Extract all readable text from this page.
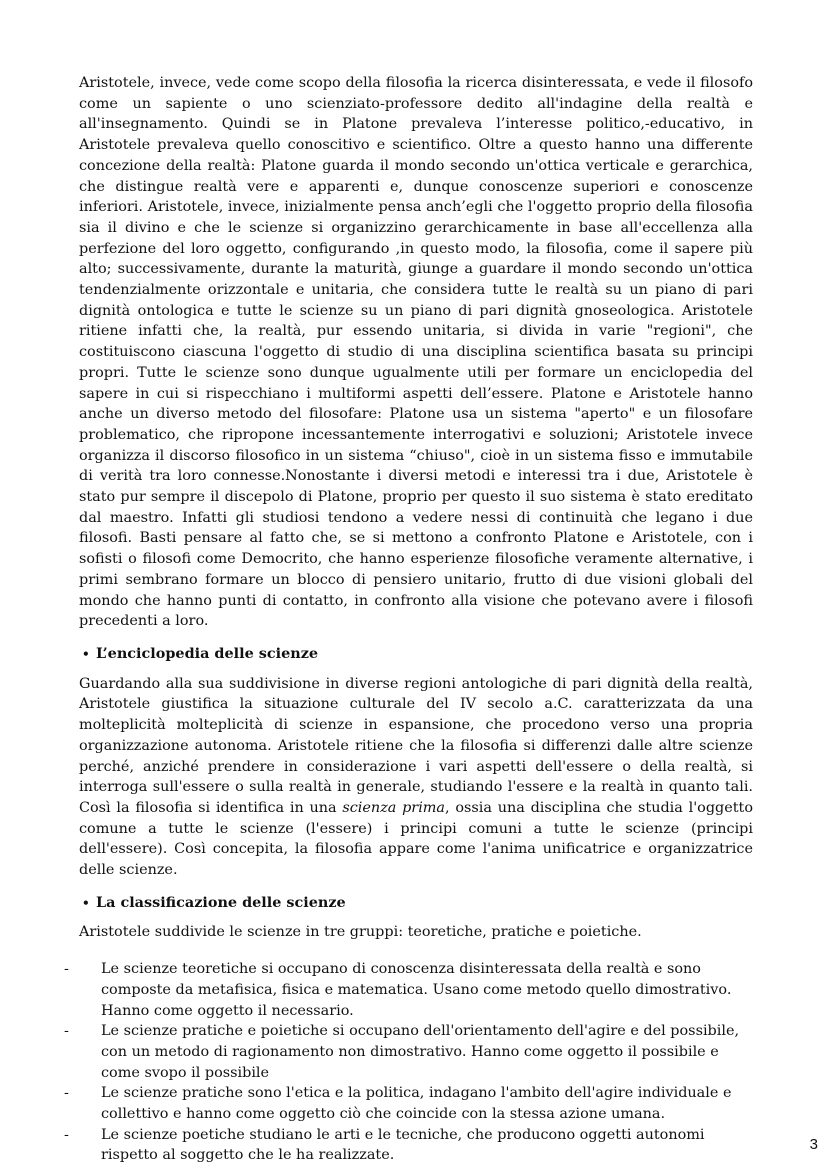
Aristotele, invece, vede come scopo della filosofia la ricerca disinteressata, e vede il filosofo come un sapiente o uno scienziato-professore dedito all'indagine della realtà e all'insegnamento. Quindi se in Platone prevaleva l’interesse politico,-educativo, in Aristotele prevaleva quello conoscitivo e scientifico. Oltre a questo hanno una differente concezione della realtà: Platone guarda il mondo secondo un'ottica verticale e gerarchica, che distingue realtà vere e apparenti e, dunque conoscenze superiori e conoscenze inferiori. Aristotele, invece, inizialmente pensa anch’egli che l'oggetto proprio della filosofia sia il divino e che le scienze si organizzino gerarchicamente in base all'eccellenza alla perfezione del loro oggetto, configurando ,in questo modo, la filosofia, come il sapere più alto; successivamente, durante la maturità, giunge a guardare il mondo secondo un'ottica tendenzialmente orizzontale e unitaria, che considera tutte le realtà su un piano di pari dignità ontologica e tutte le scienze su un piano di pari dignità gnoseologica. Aristotele ritiene infatti che, la realtà, pur essendo unitaria, si divida in varie "regioni", che costituiscono ciascuna l'oggetto di studio di una disciplina scientifica basata su principi propri. Tutte le scienze sono dunque ugualmente utili per formare un enciclopedia del sapere in cui si rispecchiano i multiformi aspetti dell’essere. Platone e Aristotele hanno anche un diverso metodo del filosofare: Platone usa un sistema "aperto" e un filosofare problematico, che ripropone incessantemente interrogativi e soluzioni; Aristotele invece organizza il discorso filosofico in un sistema “chiuso", cioè in un sistema fisso e immutabile di verità tra loro connesse.Nonostante i diversi metodi e interessi tra i due, Aristotele è stato pur sempre il discepolo di Platone, proprio per questo il suo sistema è stato ereditato dal maestro. Infatti gli studiosi tendono a vedere nessi di continuità che legano i due filosofi. Basti pensare al fatto che, se si mettono a confronto Platone e Aristotele, con i sofisti o filosofi come Democrito, che hanno esperienze filosofiche veramente alternative, i primi sembrano formare un blocco di pensiero unitario, frutto di due visioni globali del mondo che hanno punti di contatto, in confronto alla visione che potevano avere i filosofi precedenti a loro.

• L’enciclopedia delle scienze

Guardando alla sua suddivisione in diverse regioni antologiche di pari dignità della realtà, Aristotele giustifica la situazione culturale del IV secolo a.C. caratterizzata da una molteplicità molteplicità di scienze in espansione, che procedono verso una propria organizzazione autonoma. Aristotele ritiene che la filosofia si differenzi dalle altre scienze perché, anziché prendere in considerazione i vari aspetti dell'essere o della realtà, si interroga sull'essere o sulla realtà in generale, studiando l'essere e la realtà in quanto tali. Così la filosofia si identifica in una scienza prima, ossia una disciplina che studia l'oggetto comune a tutte le scienze (l'essere) i principi comuni a tutte le scienze (principi dell'essere). Così concepita, la filosofia appare come l'anima unificatrice e organizzatrice delle scienze.

• La classificazione delle scienze

Aristotele suddivide le scienze in tre gruppi: teoretiche, pratiche e poietiche.

- Le scienze teoretiche si occupano di conoscenza disinteressata della realtà e sono composte da metafisica, fisica e matematica. Usano come metodo quello dimostrativo. Hanno come oggetto il necessario.
- Le scienze pratiche e poietiche si occupano dell'orientamento dell'agire e del possibile, con un metodo di ragionamento non dimostrativo. Hanno come oggetto il possibile e come svopo il possibile
- Le scienze pratiche sono l'etica e la politica, indagano l'ambito dell'agire individuale e collettivo e hanno come oggetto ciò che coincide con la stessa azione umana.
- Le scienze poetiche studiano le arti e le tecniche, che producono oggetti autonomi rispetto al soggetto che le ha realizzate.
3
